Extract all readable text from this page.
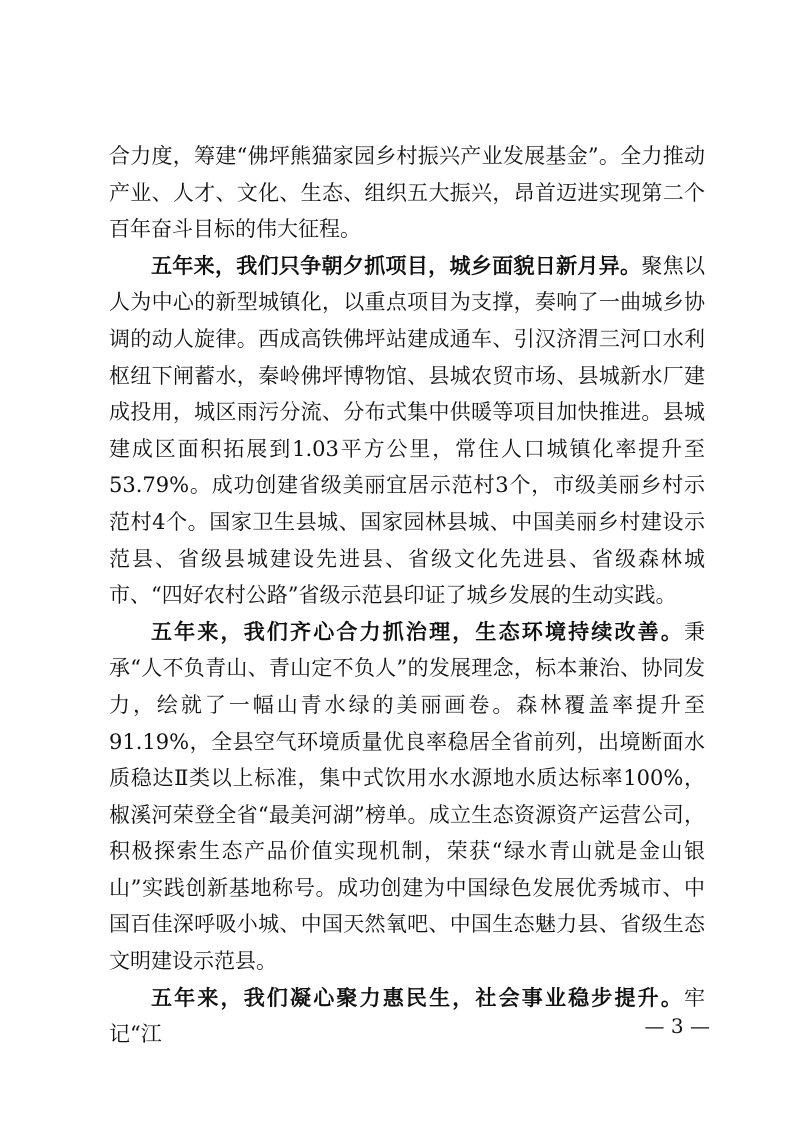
合力度，筹建“佛坪熊猫家园乡村振兴产业发展基金”。全力推动产业、人才、文化、生态、组织五大振兴，昂首迈进实现第二个百年奋斗目标的伟大征程。

五年来，我们只争朝夕抓项目，城乡面貌日新月异。聚焦以人为中心的新型城镇化，以重点项目为支撑，奏响了一曲城乡协调的动人旋律。西成高铁佛坪站建成通车、引汉济渭三河口水利枢纽下闸蓄水，秦岭佛坪博物馆、县城农贸市场、县城新水厂建成投用，城区雨污分流、分布式集中供暖等项目加快推进。县城建成区面积拓展到1.03平方公里，常住人口城镇化率提升至53.79%。成功创建省级美丽宜居示范村3个，市级美丽乡村示范村4个。国家卫生县城、国家园林县城、中国美丽乡村建设示范县、省级县城建设先进县、省级文化先进县、省级森林城市、“四好农村公路”省级示范县印证了城乡发展的生动实践。

五年来，我们齐心合力抓治理，生态环境持续改善。秉承“人不负青山、青山定不负人”的发展理念，标本兼治、协同发力，绘就了一幅山青水绿的美丽画卷。森林覆盖率提升至91.19%，全县空气环境质量优良率稳居全省前列，出境断面水质稳达Ⅱ类以上标准，集中式饮用水水源地水质达标率100%，椒溪河荣登全省“最美河湖”榜单。成立生态资源资产运营公司，积极探索生态产品价值实现机制，荣获“绿水青山就是金山银山”实践创新基地称号。成功创建为中国绿色发展优秀城市、中国百佳深呼吸小城、中国天然氧吧、中国生态魅力县、省级生态文明建设示范县。

五年来，我们凝心聚力惠民生，社会事业稳步提升。牢记“江	— 3 —
